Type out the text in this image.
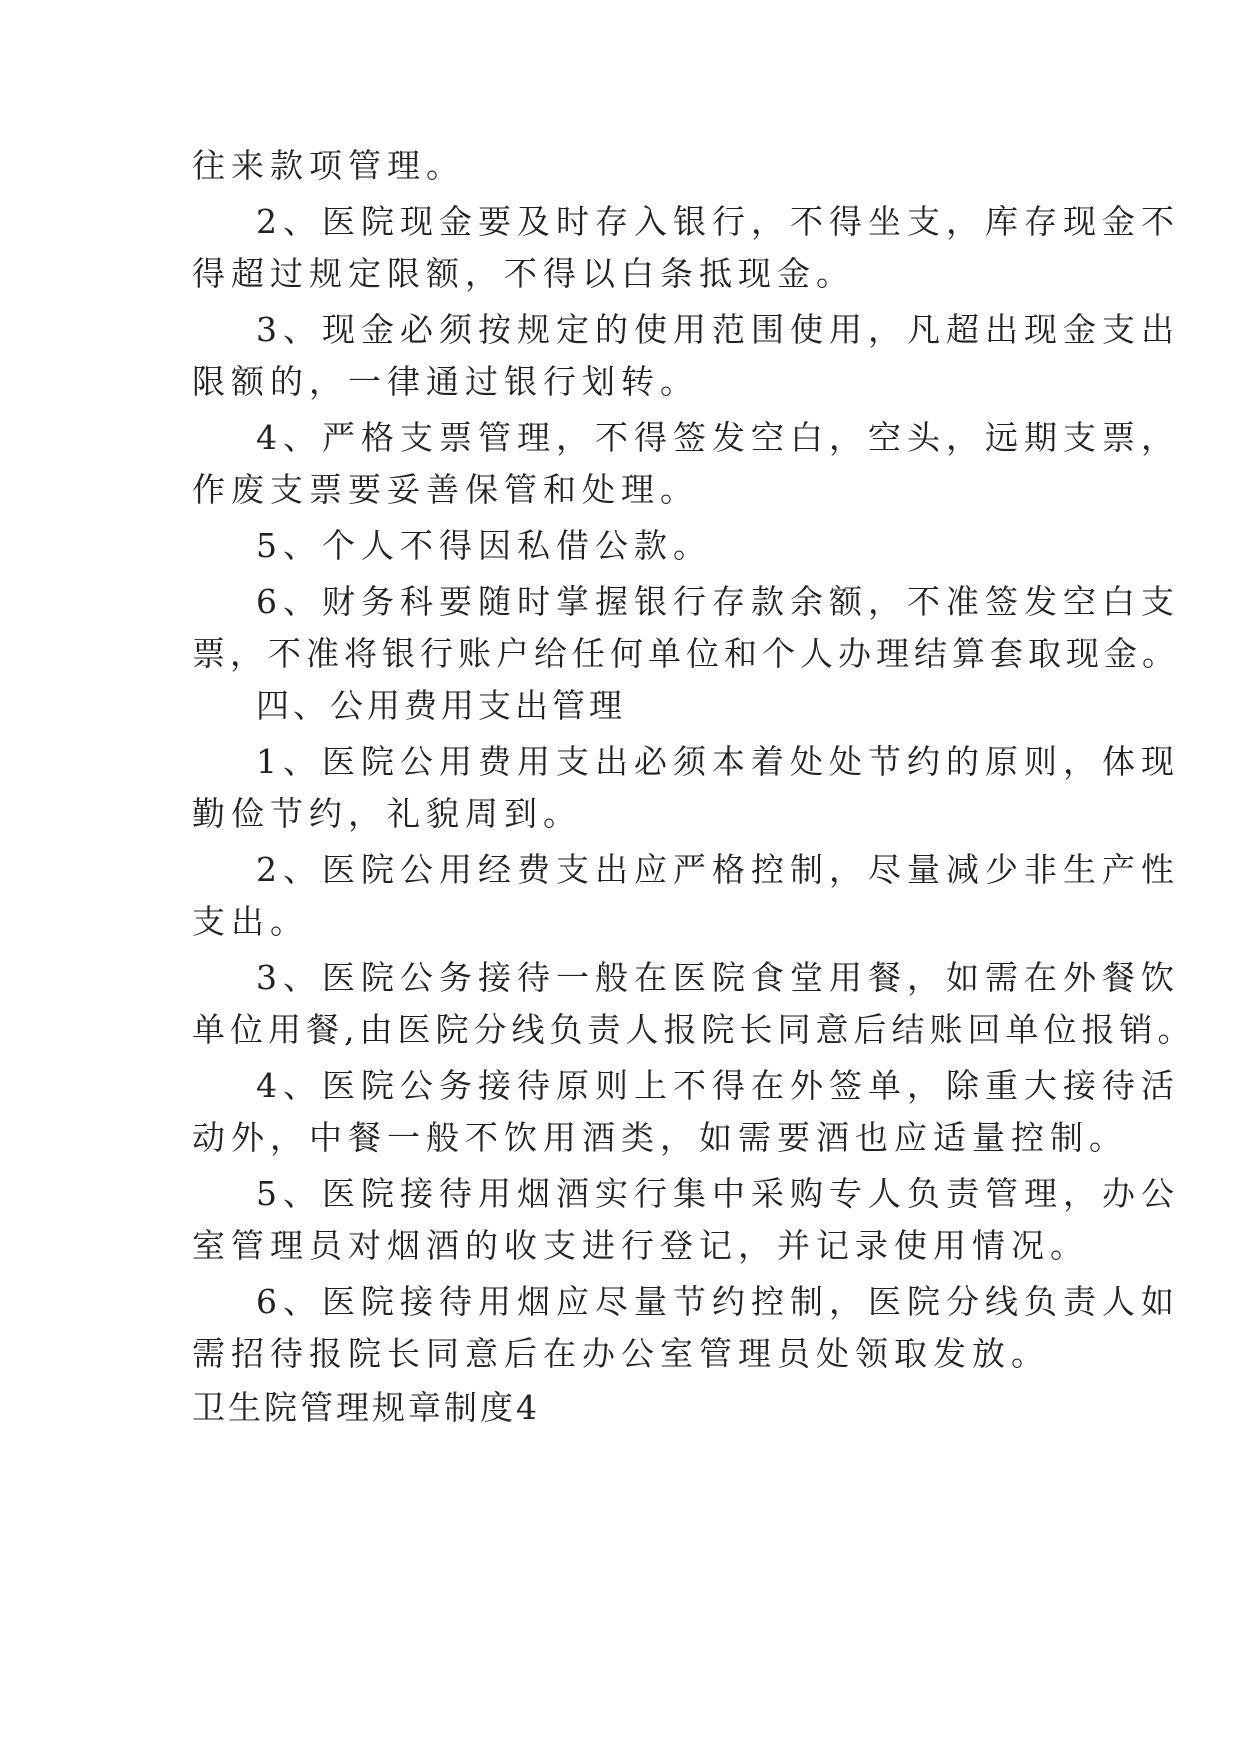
往来款项管理。
2、医院现金要及时存入银行，不得坐支，库存现金不
得超过规定限额，不得以白条抵现金。
3、现金必须按规定的使用范围使用，凡超出现金支出
限额的，一律通过银行划转。
4、严格支票管理，不得签发空白，空头，远期支票，
作废支票要妥善保管和处理。
5、个人不得因私借公款。
6、财务科要随时掌握银行存款余额，不准签发空白支
票，不准将银行账户给任何单位和个人办理结算套取现金。
四、公用费用支出管理
1、医院公用费用支出必须本着处处节约的原则，体现
勤俭节约，礼貌周到。
2、医院公用经费支出应严格控制，尽量减少非生产性
支出。
3、医院公务接待一般在医院食堂用餐，如需在外餐饮
单位用餐,由医院分线负责人报院长同意后结账回单位报销。
4、医院公务接待原则上不得在外签单，除重大接待活
动外，中餐一般不饮用酒类，如需要酒也应适量控制。
5、医院接待用烟酒实行集中采购专人负责管理，办公
室管理员对烟酒的收支进行登记，并记录使用情况。
6、医院接待用烟应尽量节约控制，医院分线负责人如
需招待报院长同意后在办公室管理员处领取发放。
卫生院管理规章制度4
